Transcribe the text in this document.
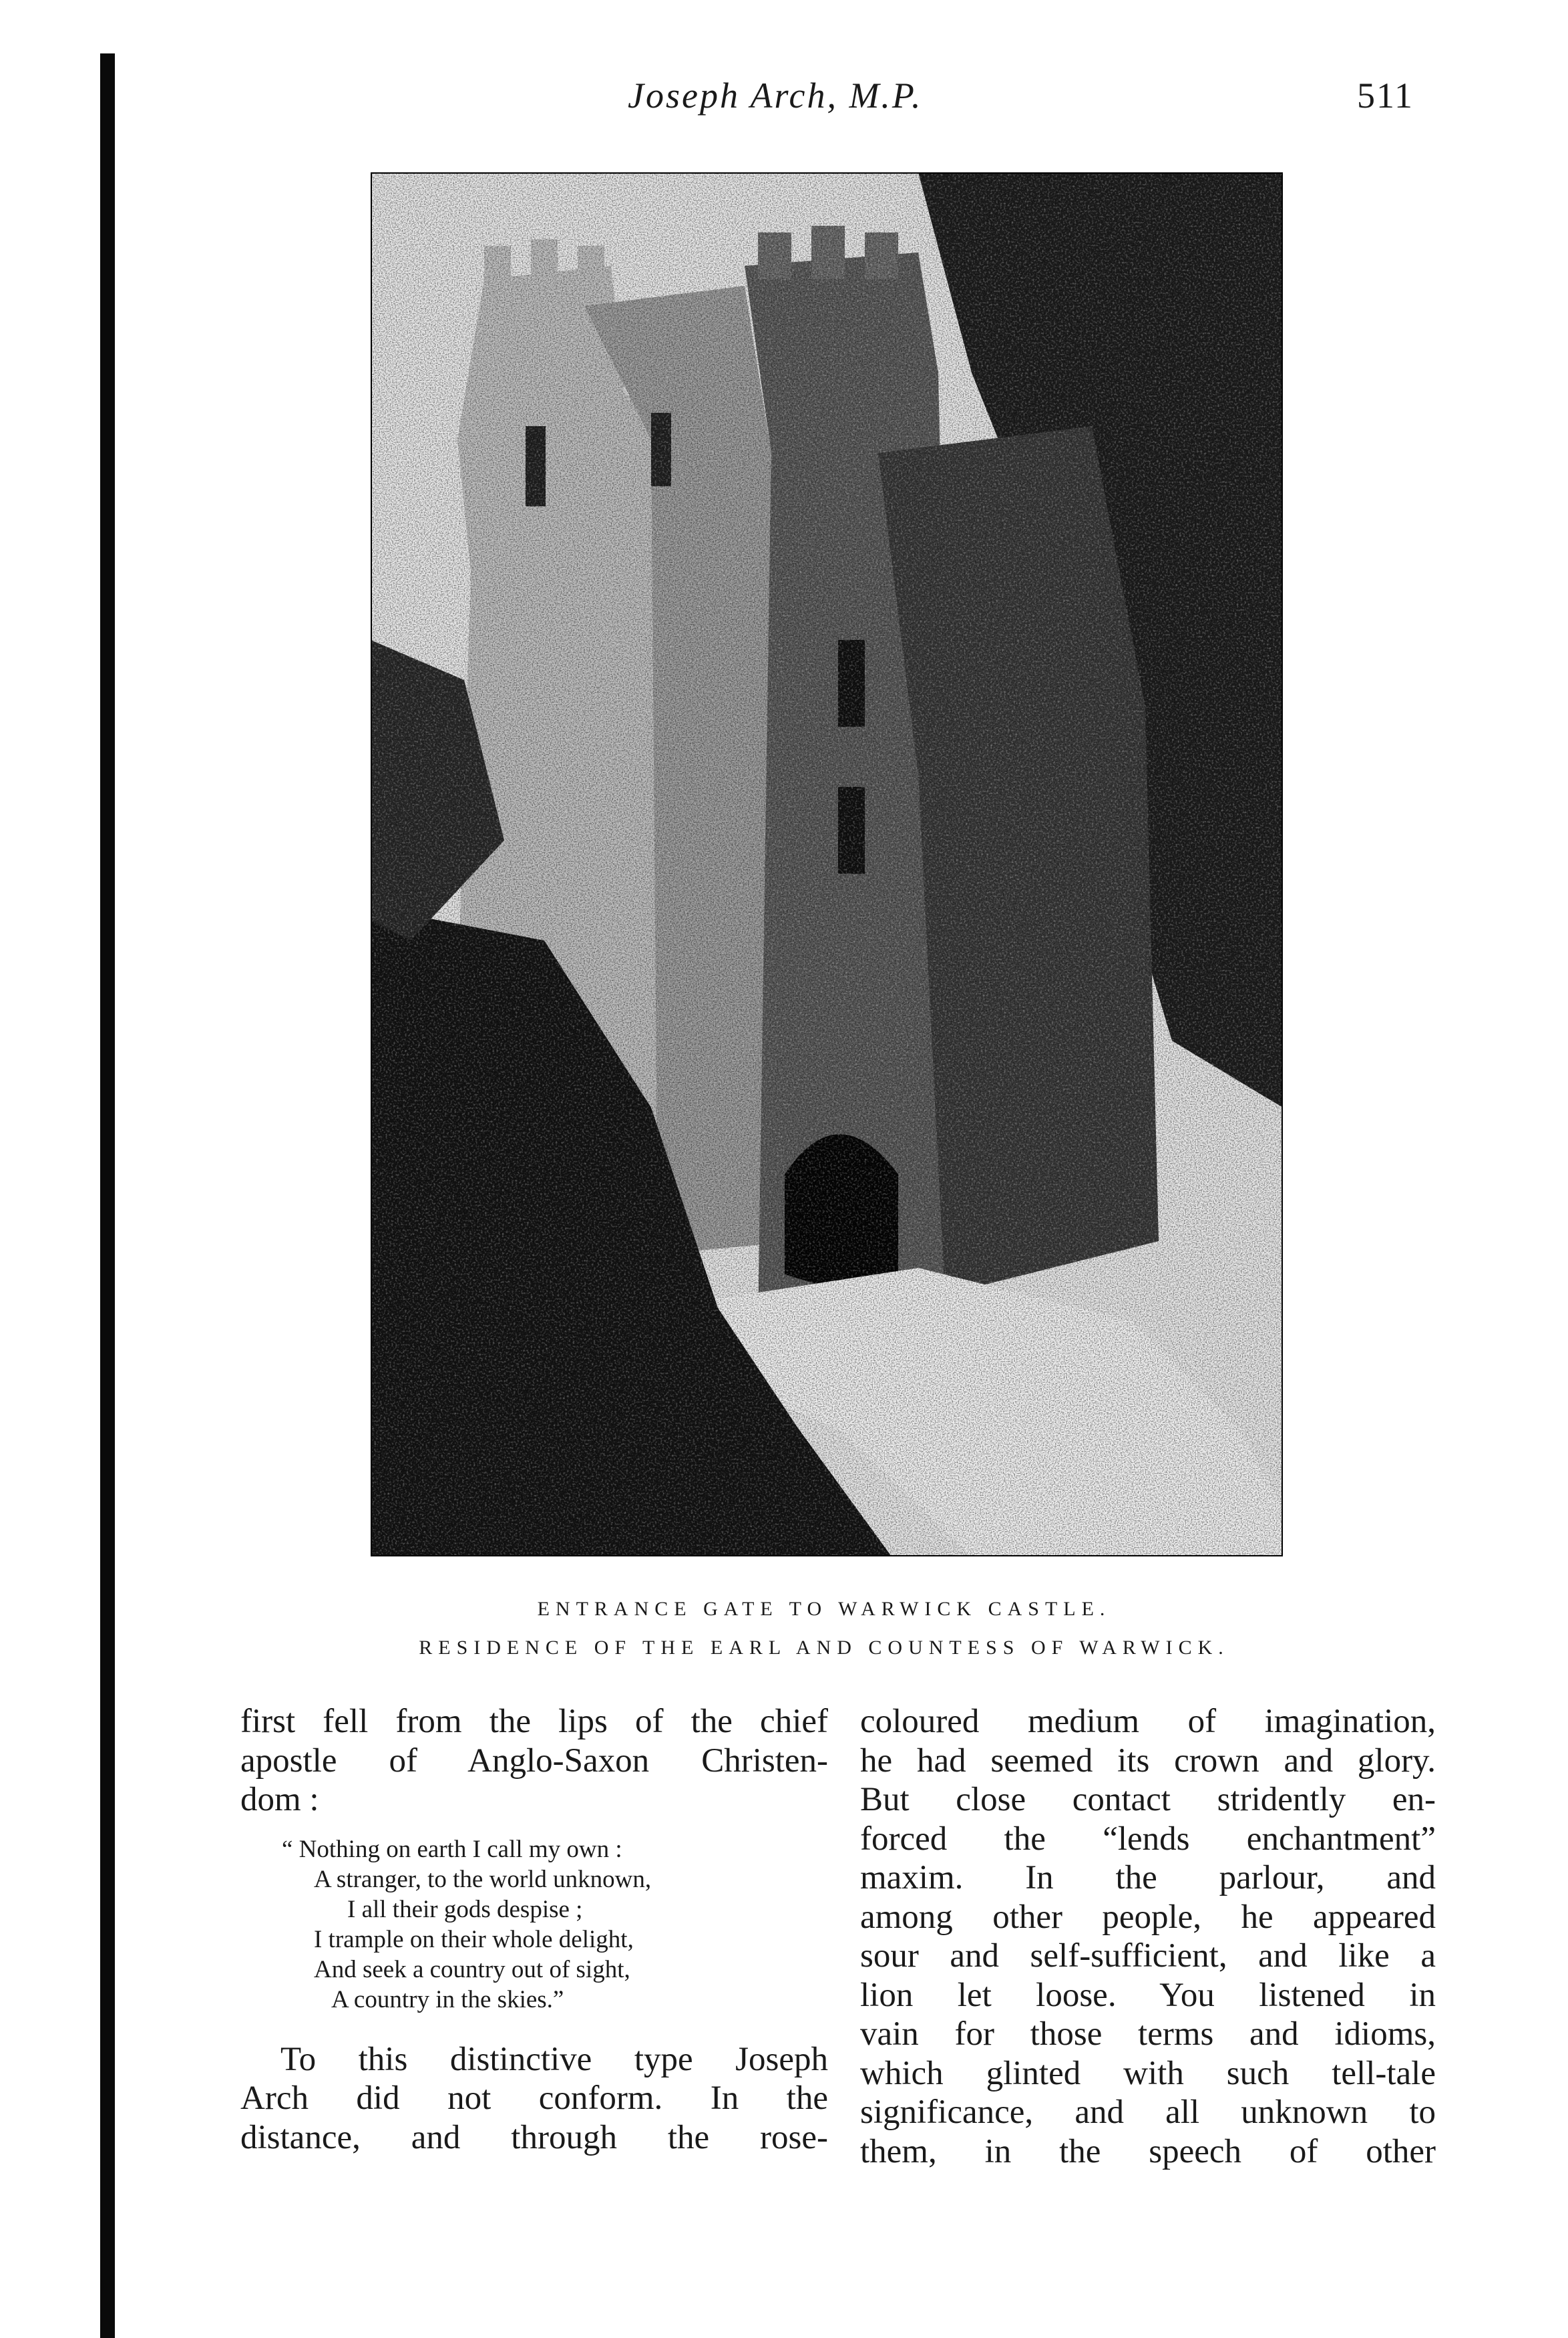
Joseph Arch, M.P.	511
ENTRANCE GATE TO WARWICK CASTLE.
RESIDENCE OF THE EARL AND COUNTESS OF WARWICK.

first fell from the lips of the chief

apostle of Anglo-Saxon Christen-

dom :

“ Nothing on earth I call my own :
A stranger, to the world unknown,
I all their gods despise ;
I trample on their whole delight,
And seek a country out of sight,
A country in the skies.”

To this distinctive type Joseph

Arch did not conform. In the

distance, and through the rose-

coloured medium of imagination,

he had seemed its crown and glory.

But close contact stridently en-

forced the “lends enchantment”

maxim. In the parlour, and

among other people, he appeared

sour and self-sufficient, and like a

lion let loose. You listened in

vain for those terms and idioms,

which glinted with such tell-tale

significance, and all unknown to

them, in the speech of other
